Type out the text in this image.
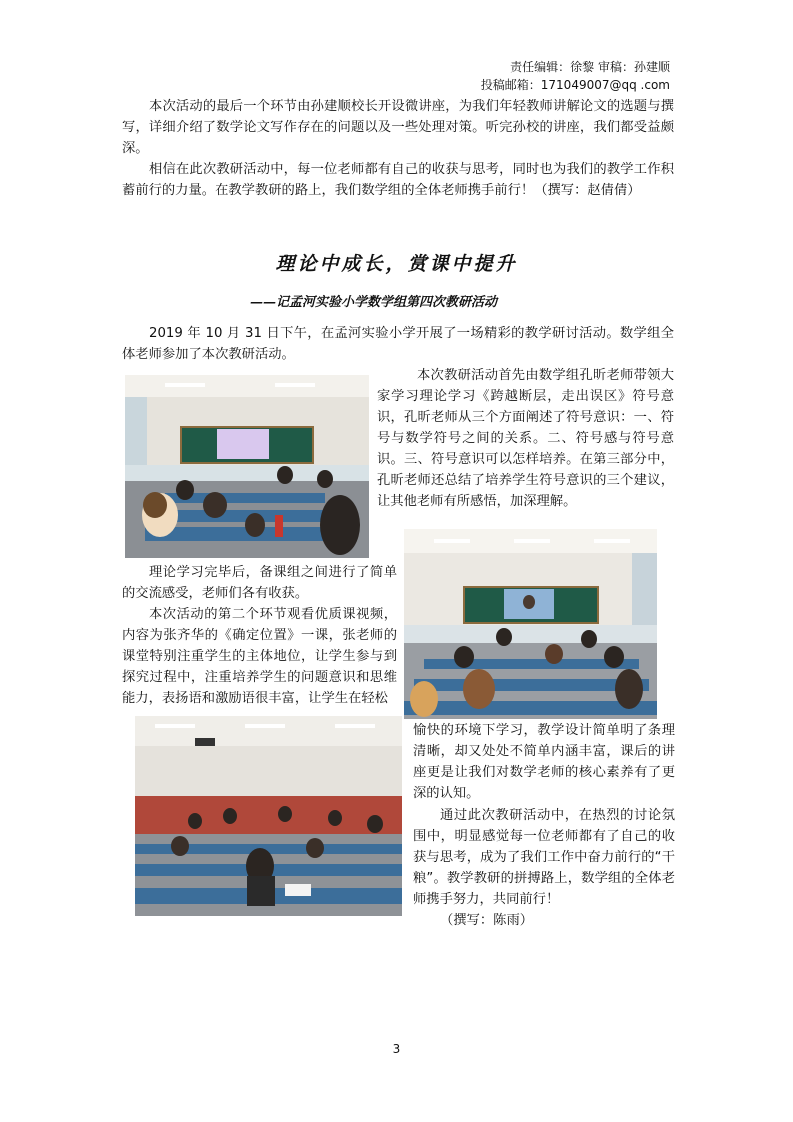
责任编辑：徐黎 审稿：孙建顺
投稿邮箱：171049007@qq .com
本次活动的最后一个环节由孙建顺校长开设微讲座，为我们年轻教师讲解论文的选题与撰写，详细介绍了数学论文写作存在的问题以及一些处理对策。听完孙校的讲座，我们都受益颇深。
相信在此次教研活动中，每一位老师都有自己的收获与思考，同时也为我们的教学工作积蓄前行的力量。在教学教研的路上，我们数学组的全体老师携手前行！（撰写：赵倩倩）
理论中成长，赏课中提升
——记孟河实验小学数学组第四次教研活动
2019 年 10 月 31 日下午，在孟河实验小学开展了一场精彩的教学研讨活动。数学组全体老师参加了本次教研活动。
本次教研活动首先由数学组孔昕老师带领大家学习理论学习《跨越断层，走出误区》符号意识，孔昕老师从三个方面阐述了符号意识：一、符号与数学符号之间的关系。二、符号感与符号意识。三、符号意识可以怎样培养。在第三部分中，孔昕老师还总结了培养学生符号意识的三个建议，让其他老师有所感悟，加深理解。
理论学习完毕后，备课组之间进行了简单的交流感受，老师们各有收获。
本次活动的第二个环节观看优质课视频，内容为张齐华的《确定位置》一课，张老师的课堂特别注重学生的主体地位，让学生参与到探究过程中，注重培养学生的问题意识和思维能力，表扬语和激励语很丰富，让学生在轻松
愉快的环境下学习，教学设计简单明了条理清晰，却又处处不简单内涵丰富，课后的讲座更是让我们对数学老师的核心素养有了更深的认知。
通过此次教研活动中，在热烈的讨论氛围中，明显感觉每一位老师都有了自己的收获与思考，成为了我们工作中奋力前行的“干粮”。教学教研的拼搏路上，数学组的全体老师携手努力，共同前行！
（撰写：陈雨）
3
